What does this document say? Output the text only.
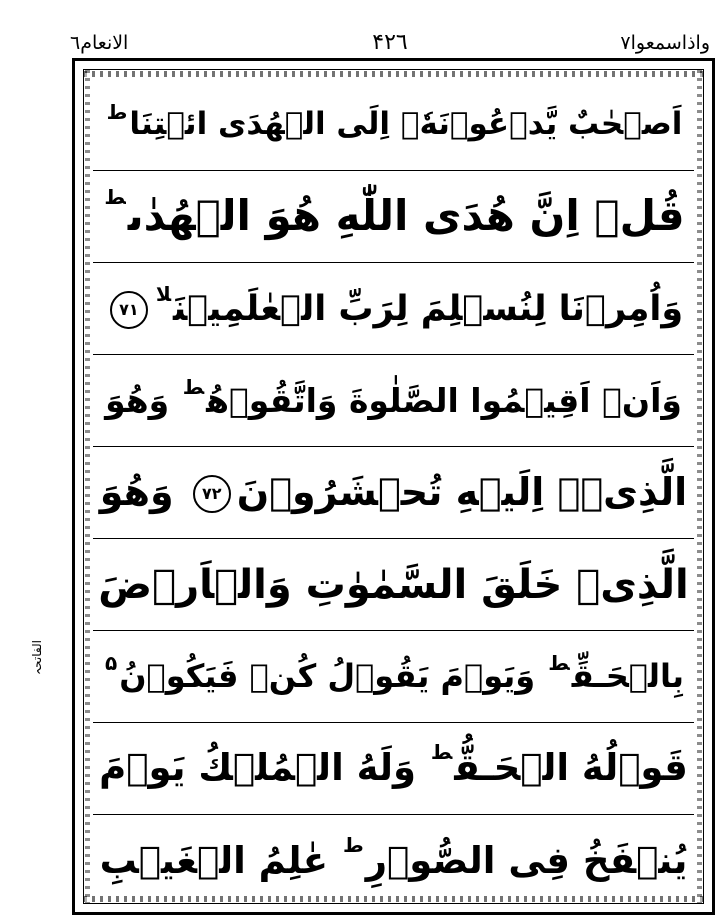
واذاسمعوا٧
۴٢٦
الانعام٦
الفاتحہ
اَصۡحٰبٌ يَّدۡعُوۡنَهٗۤ اِلَى الۡهُدَى ائۡتِنَا$^ط$
قُلۡ اِنَّ هُدَى اللّٰهِ هُوَ الۡهُدٰى$^ط$
وَاُمِرۡنَا لِنُسۡلِمَ لِرَبِّ الۡعٰلَمِيۡنَ$^{لا}$٧١
وَاَنۡ اَقِيۡمُوا الصَّلٰوةَ وَاتَّقُوۡهُ$^ط$ وَهُوَ
الَّذِىۡۤ اِلَيۡهِ تُحۡشَرُوۡنَ٧٢ وَهُوَ
الَّذِىۡ خَلَقَ السَّمٰوٰتِ وَالۡاَرۡضَ
بِالۡحَـقِّ$^ط$ وَيَوۡمَ يَقُوۡلُ كُنۡ فَيَكُوۡنُ$^۵$
قَوۡلُهُ الۡحَـقُّ$^ط$ وَلَهُ الۡمُلۡكُ يَوۡمَ
يُنۡفَخُ فِى الصُّوۡرِ$^ط$ عٰلِمُ الۡغَيۡبِ
